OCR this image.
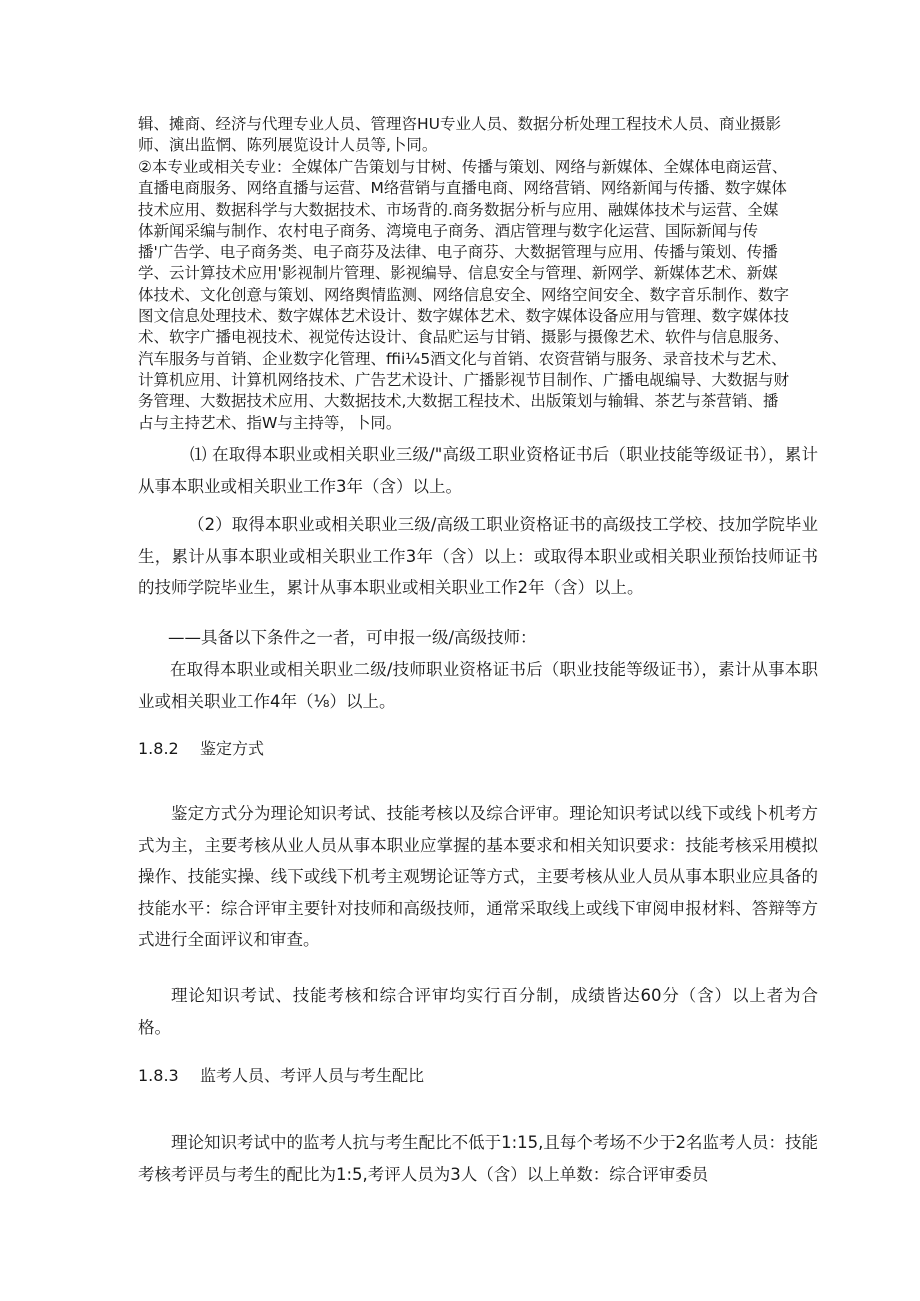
辑、摊商、经济与代理专业人员、管理咨HU专业人员、数据分析处理工程技术人员、商业摄影师、演出监惘、陈列展览设计人员等,卜同。
②本专业或相关专业：全媒体广告策划与甘树、传播与策划、网络与新媒体、全媒体电商运营、直播电商服务、网络直播与运营、M络营销与直播电商、网络营销、网络新闻与传播、数字媒体技术应用、数据科学与大数据技术、市场背的.商务数据分析与应用、融媒体技术与运营、全媒体新闻采编与制作、农村电子商务、湾境电子商务、酒店管理与数字化运营、国际新闻与传播'广告学、电子商务类、电子商芬及法律、电子商芬、大数据管理与应用、传播与策划、传播学、云计算技术应用'影视制片管理、影视编导、信息安全与管理、新网学、新媒体艺术、新媒体技术、文化创意与策划、网络舆情监测、网络信息安全、网络空间安全、数字音乐制作、数字图文信息处理技术、数字媒体艺术设计、数字媒体艺术、数字媒体设备应用与管理、数字媒体技术、软字广播电视技术、视觉传达设计、食品贮运与甘销、摄影与摄像艺术、软件与信息服务、汽车服务与首销、企业数字化管理、ffii¼5酒文化与首销、农资营销与服务、录音技术与艺术、计算机应用、计算机网络技术、广告艺术设计、广播影视节目制作、广播电觇编导、大数据与财务管理、大数据技术应用、大数据技术,大数据工程技术、出版策划与输辑、茶艺与茶营销、播占与主持艺术、指W与主持等，卜同。
⑴ 在取得本职业或相关职业三级/"高级工职业资格证书后（职业技能等级证书），累计从事本职业或相关职业工作3年（含）以上。
（2）取得本职业或相关职业三级/高级工职业资格证书的高级技工学校、技加学院毕业生，累计从事本职业或相关职业工作3年（含）以上：或取得本职业或相关职业预饴技师证书的技师学院毕业生，累计从事本职业或相关职业工作2年（含）以上。
——具备以下条件之一者，可申报一级/高级技师：
在取得本职业或相关职业二级/技师职业资格证书后（职业技能等级证书），素计从事本职业或相关职业工作4年（⅛）以上。
1.8.2 鉴定方式
鉴定方式分为理论知识考试、技能考核以及综合评审。理论知识考试以线下或线卜机考方式为主，主要考核从业人员从事本职业应掌握的基本要求和相关知识要求：技能考核采用模拟操作、技能实操、线下或线下机考主观甥论证等方式，主要考核从业人员从事本职业应具备的技能水平：综合评审主要针对技师和高级技师，通常采取线上或线下审阅申报材料、答辩等方式进行全面评议和审查。
理论知识考试、技能考核和综合评审均实行百分制，成绩皆达60分（含）以上者为合格。
1.8.3 监考人员、考评人员与考生配比
理论知识考试中的监考人抗与考生配比不低于1:15,且每个考场不少于2名监考人员：技能考核考评员与考生的配比为1:5,考评人员为3人（含）以上单数：综合评审委员
